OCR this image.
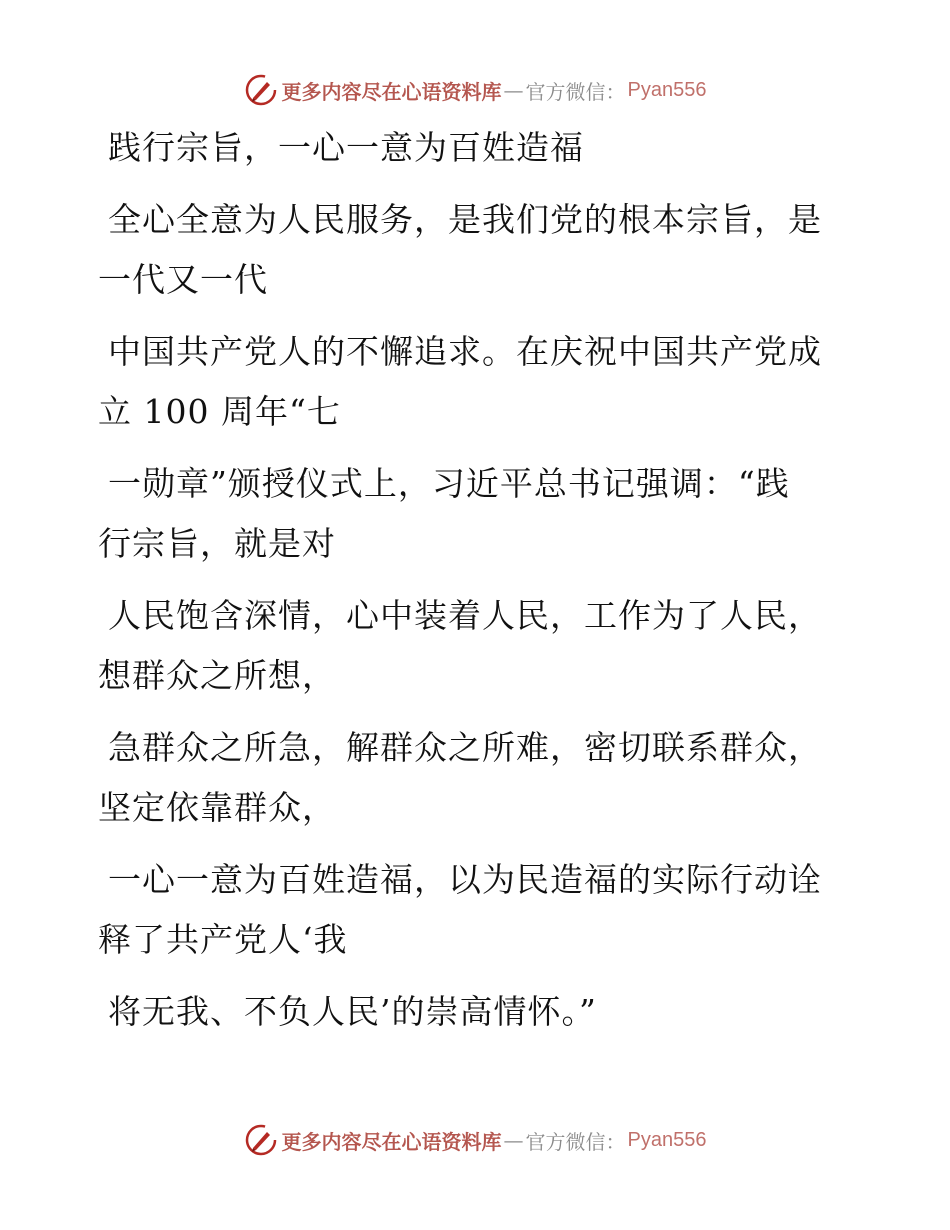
更多内容尽在心语资料库 — 官方微信： Pyan556
践行宗旨，一心一意为百姓造福
全心全意为人民服务，是我们党的根本宗旨，是
一代又一代
中国共产党人的不懈追求。在庆祝中国共产党成
立 100 周年“七
一勋章”颁授仪式上，习近平总书记强调：“践
行宗旨，就是对
人民饱含深情，心中装着人民，工作为了人民，
想群众之所想，
急群众之所急，解群众之所难，密切联系群众，
坚定依靠群众，
一心一意为百姓造福，以为民造福的实际行动诠
释了共产党人‘我
将无我、不负人民’的崇高情怀。”
更多内容尽在心语资料库 — 官方微信： Pyan556
